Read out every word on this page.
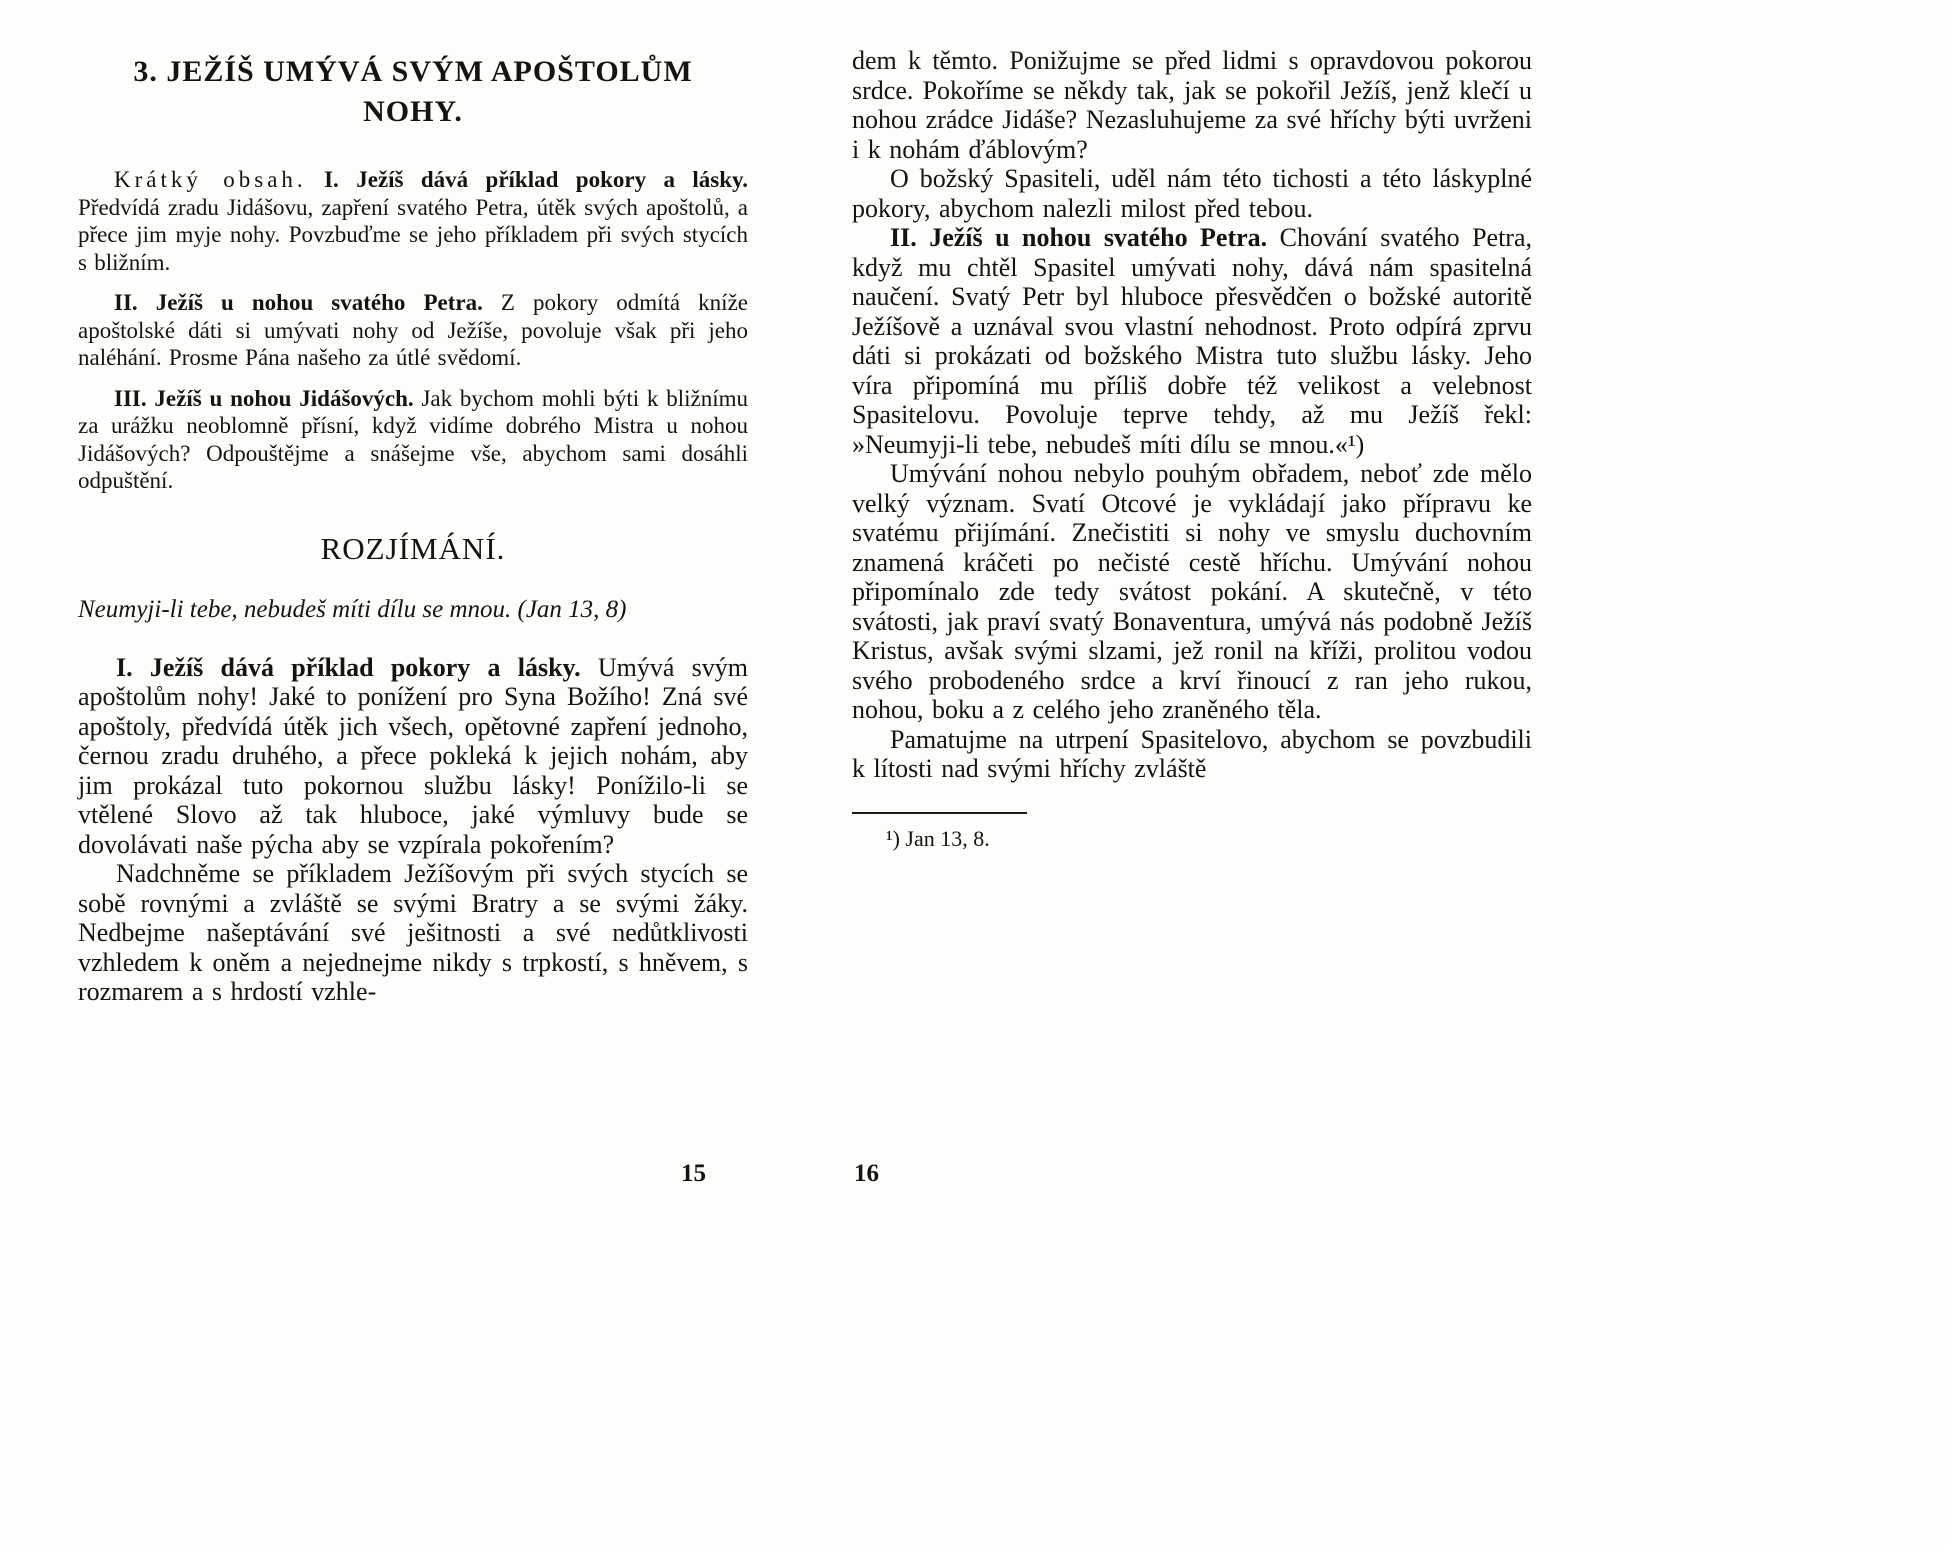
3. JEŽÍŠ UMÝVÁ SVÝM APOŠTOLŮM
NOHY.

Krátký obsah. I. Ježíš dává příklad pokory a lásky. Předvídá zradu Jidášovu, zapření svatého Petra, útěk svých apoštolů, a přece jim myje nohy. Povzbuďme se jeho příkladem při svých stycích s bližním.

II. Ježíš u nohou svatého Petra. Z pokory odmítá kníže apoštolské dáti si umývati nohy od Ježíše, povoluje však při jeho naléhání. Prosme Pána našeho za útlé svědomí.

III. Ježíš u nohou Jidášových. Jak bychom mohli býti k bližnímu za urážku neoblomně přísní, když vidíme dobrého Mistra u nohou Jidášových? Odpouštějme a snášejme vše, abychom sami dosáhli odpuštění.

ROZJÍMÁNÍ.

Neumyji-li tebe, nebudeš míti dílu se mnou. (Jan 13, 8)

I. Ježíš dává příklad pokory a lásky. Umývá svým apoštolům nohy! Jaké to ponížení pro Syna Božího! Zná své apoštoly, předvídá útěk jich všech, opětovné zapření jednoho, černou zradu druhého, a přece pokleká k jejich nohám, aby jim prokázal tuto pokornou službu lásky! Ponížilo-li se vtělené Slovo až tak hluboce, jaké výmluvy bude se dovolávati naše pýcha aby se vzpírala pokořením?

Nadchněme se příkladem Ježíšovým při svých stycích se sobě rovnými a zvláště se svými Bratry a se svými žáky. Nedbejme našeptávání své ješitnosti a své nedůtklivosti vzhledem k oněm a nejednejme nikdy s trpkostí, s hněvem, s rozmarem a s hrdostí vzhle-

15

dem k těmto. Ponižujme se před lidmi s opravdovou pokorou srdce. Pokoříme se někdy tak, jak se pokořil Ježíš, jenž klečí u nohou zrádce Jidáše? Nezasluhujeme za své hříchy býti uvrženi i k nohám ďáblovým?

O božský Spasiteli, uděl nám této tichosti a této láskyplné pokory, abychom nalezli milost před tebou.

II. Ježíš u nohou svatého Petra. Chování svatého Petra, když mu chtěl Spasitel umývati nohy, dává nám spasitelná naučení. Svatý Petr byl hluboce přesvědčen o božské autoritě Ježíšově a uznával svou vlastní nehodnost. Proto odpírá zprvu dáti si prokázati od božského Mistra tuto službu lásky. Jeho víra připomíná mu příliš dobře též velikost a velebnost Spasitelovu. Povoluje teprve tehdy, až mu Ježíš řekl: »Neumyji-li tebe, nebudeš míti dílu se mnou.«¹)

Umývání nohou nebylo pouhým obřadem, neboť zde mělo velký význam. Svatí Otcové je vykládají jako přípravu ke svatému přijímání. Znečistiti si nohy ve smyslu duchovním znamená kráčeti po nečisté cestě hříchu. Umývání nohou připomínalo zde tedy svátost pokání. A skutečně, v této svátosti, jak praví svatý Bonaventura, umývá nás podobně Ježíš Kristus, avšak svými slzami, jež ronil na kříži, prolitou vodou svého probodeného srdce a krví řinoucí z ran jeho rukou, nohou, boku a z celého jeho zraněného těla.

Pamatujme na utrpení Spasitelovo, abychom se povzbudili k lítosti nad svými hříchy zvláště

¹) Jan 13, 8.
16
